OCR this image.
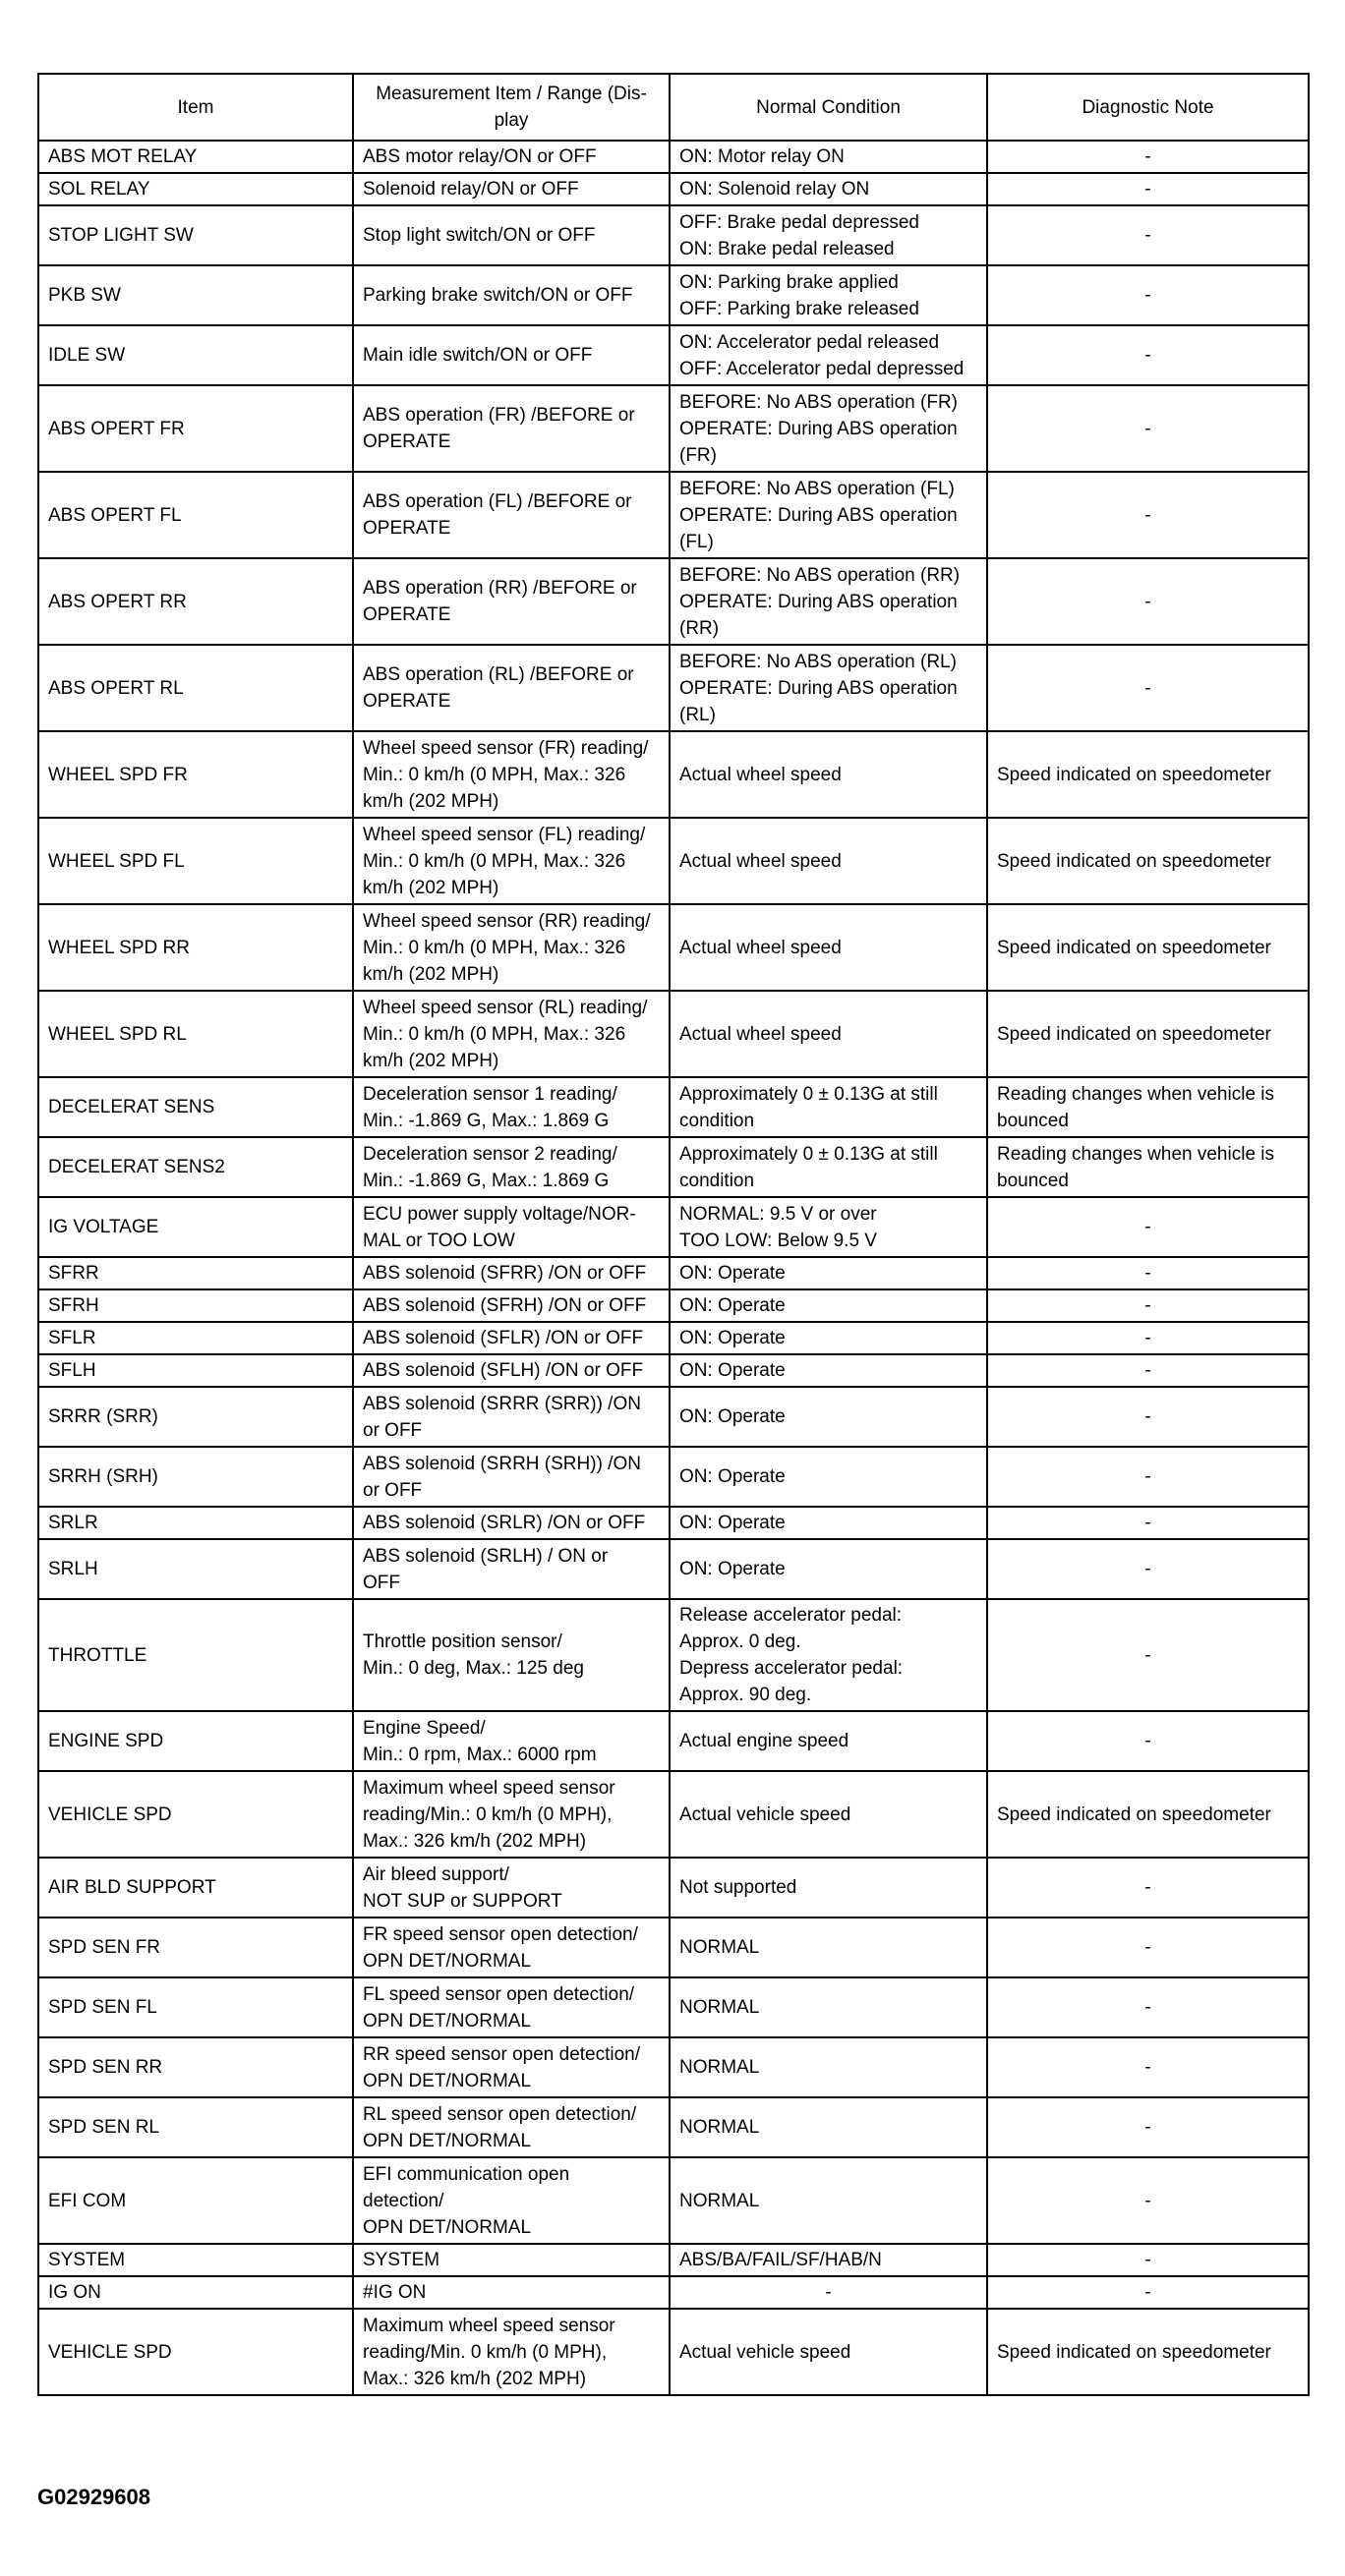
Item	Measurement Item / Range (Dis-
play	Normal Condition	Diagnostic Note
ABS MOT RELAY	ABS motor relay/ON or OFF	ON: Motor relay ON	-
SOL RELAY	Solenoid relay/ON or OFF	ON: Solenoid relay ON	-
STOP LIGHT SW	Stop light switch/ON or OFF	OFF: Brake pedal depressed
ON: Brake pedal released	-
PKB SW	Parking brake switch/ON or OFF	ON: Parking brake applied
OFF: Parking brake released	-
IDLE SW	Main idle switch/ON or OFF	ON: Accelerator pedal released
OFF: Accelerator pedal depressed	-
ABS OPERT FR	ABS operation (FR) /BEFORE or
OPERATE	BEFORE: No ABS operation (FR)
OPERATE: During ABS operation
(FR)	-
ABS OPERT FL	ABS operation (FL) /BEFORE or
OPERATE	BEFORE: No ABS operation (FL)
OPERATE: During ABS operation
(FL)	-
ABS OPERT RR	ABS operation (RR) /BEFORE or
OPERATE	BEFORE: No ABS operation (RR)
OPERATE: During ABS operation
(RR)	-
ABS OPERT RL	ABS operation (RL) /BEFORE or
OPERATE	BEFORE: No ABS operation (RL)
OPERATE: During ABS operation
(RL)	-
WHEEL SPD FR	Wheel speed sensor (FR) reading/
Min.: 0 km/h (0 MPH, Max.: 326
km/h (202 MPH)	Actual wheel speed	Speed indicated on speedometer
WHEEL SPD FL	Wheel speed sensor (FL) reading/
Min.: 0 km/h (0 MPH, Max.: 326
km/h (202 MPH)	Actual wheel speed	Speed indicated on speedometer
WHEEL SPD RR	Wheel speed sensor (RR) reading/
Min.: 0 km/h (0 MPH, Max.: 326
km/h (202 MPH)	Actual wheel speed	Speed indicated on speedometer
WHEEL SPD RL	Wheel speed sensor (RL) reading/
Min.: 0 km/h (0 MPH, Max.: 326
km/h (202 MPH)	Actual wheel speed	Speed indicated on speedometer
DECELERAT SENS	Deceleration sensor 1 reading/
Min.: -1.869 G, Max.: 1.869 G	Approximately 0 ± 0.13G at still
condition	Reading changes when vehicle is
bounced
DECELERAT SENS2	Deceleration sensor 2 reading/
Min.: -1.869 G, Max.: 1.869 G	Approximately 0 ± 0.13G at still
condition	Reading changes when vehicle is
bounced
IG VOLTAGE	ECU power supply voltage/NOR-
MAL or TOO LOW	NORMAL: 9.5 V or over
TOO LOW: Below 9.5 V	-
SFRR	ABS solenoid (SFRR) /ON or OFF	ON: Operate	-
SFRH	ABS solenoid (SFRH) /ON or OFF	ON: Operate	-
SFLR	ABS solenoid (SFLR) /ON or OFF	ON: Operate	-
SFLH	ABS solenoid (SFLH) /ON or OFF	ON: Operate	-
SRRR (SRR)	ABS solenoid (SRRR (SRR)) /ON
or OFF	ON: Operate	-
SRRH (SRH)	ABS solenoid (SRRH (SRH)) /ON
or OFF	ON: Operate	-
SRLR	ABS solenoid (SRLR) /ON or OFF	ON: Operate	-
SRLH	ABS solenoid (SRLH) / ON or
OFF	ON: Operate	-
THROTTLE	Throttle position sensor/
Min.: 0 deg, Max.: 125 deg	Release accelerator pedal:
Approx. 0 deg.
Depress accelerator pedal:
Approx. 90 deg.	-
ENGINE SPD	Engine Speed/
Min.: 0 rpm, Max.: 6000 rpm	Actual engine speed	-
VEHICLE SPD	Maximum wheel speed sensor
reading/Min.: 0 km/h (0 MPH),
Max.: 326 km/h (202 MPH)	Actual vehicle speed	Speed indicated on speedometer
AIR BLD SUPPORT	Air bleed support/
NOT SUP or SUPPORT	Not supported	-
SPD SEN FR	FR speed sensor open detection/
OPN DET/NORMAL	NORMAL	-
SPD SEN FL	FL speed sensor open detection/
OPN DET/NORMAL	NORMAL	-
SPD SEN RR	RR speed sensor open detection/
OPN DET/NORMAL	NORMAL	-
SPD SEN RL	RL speed sensor open detection/
OPN DET/NORMAL	NORMAL	-
EFI COM	EFI communication open
detection/
OPN DET/NORMAL	NORMAL	-
SYSTEM	SYSTEM	ABS/BA/FAIL/SF/HAB/N	-
IG ON	#IG ON	-	-
VEHICLE SPD	Maximum wheel speed sensor
reading/Min. 0 km/h (0 MPH),
Max.: 326 km/h (202 MPH)	Actual vehicle speed	Speed indicated on speedometer
G02929608
